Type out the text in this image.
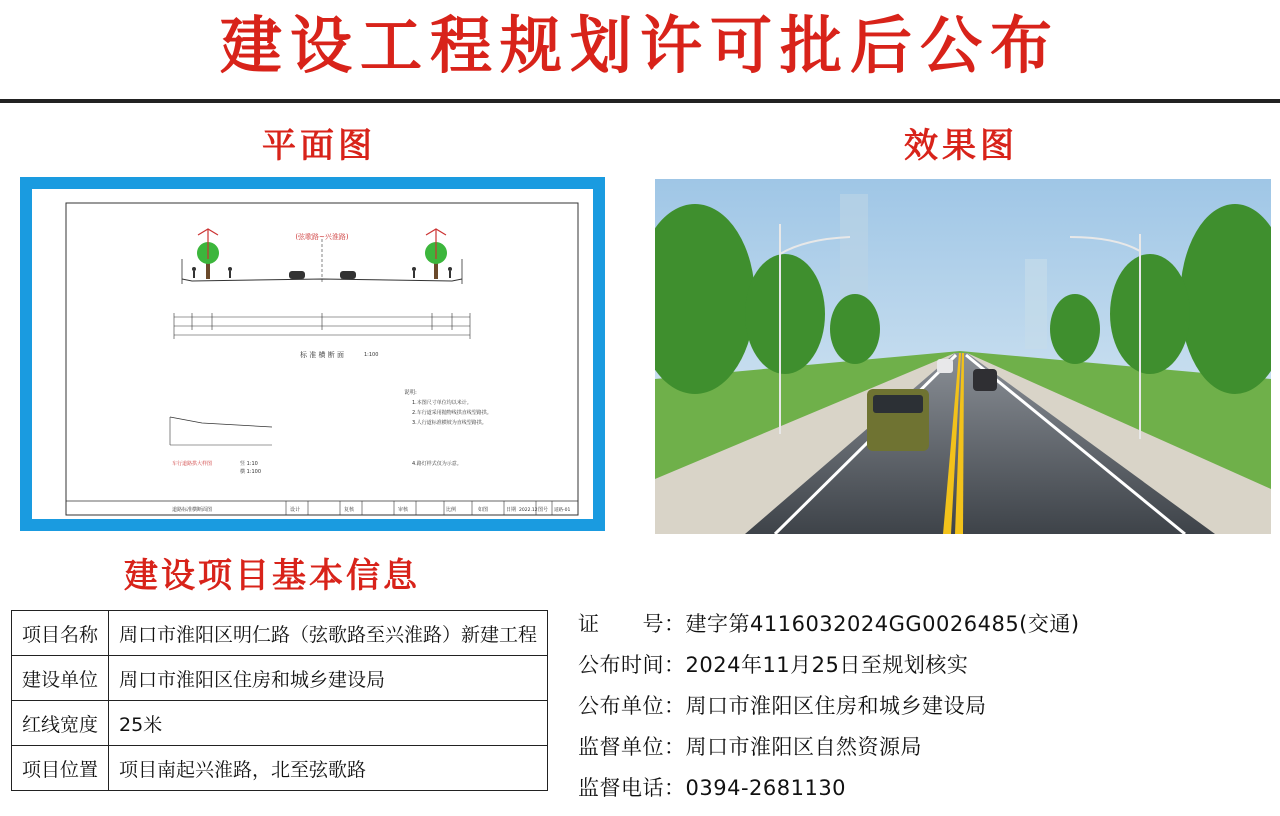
建设工程规划许可批后公布
平面图	效果图
(弦歌路~兴淮路)
标 准 横 断 面	1:100
说明:
1.本图尺寸单位均以米计。
2.车行道采用抛物线拱直线型路拱。
3.人行道标准横坡为直线型路拱。
4.路灯样式仅为示意。
车行道路拱大样图	竖 1:10
横 1:100
道路标准横断面图	设计	复核	审核	比例	如图	日期 2022.12 图号 道路-01
建设项目基本信息
项目名称	周口市淮阳区明仁路（弦歌路至兴淮路）新建工程
建设单位	周口市淮阳区住房和城乡建设局
红线宽度	25米
项目位置	项目南起兴淮路，北至弦歌路
证　　号：建字第4116032024GG0026485(交通)
公布时间：2024年11月25日至规划核实
公布单位：周口市淮阳区住房和城乡建设局
监督单位：周口市淮阳区自然资源局
监督电话：0394-2681130
